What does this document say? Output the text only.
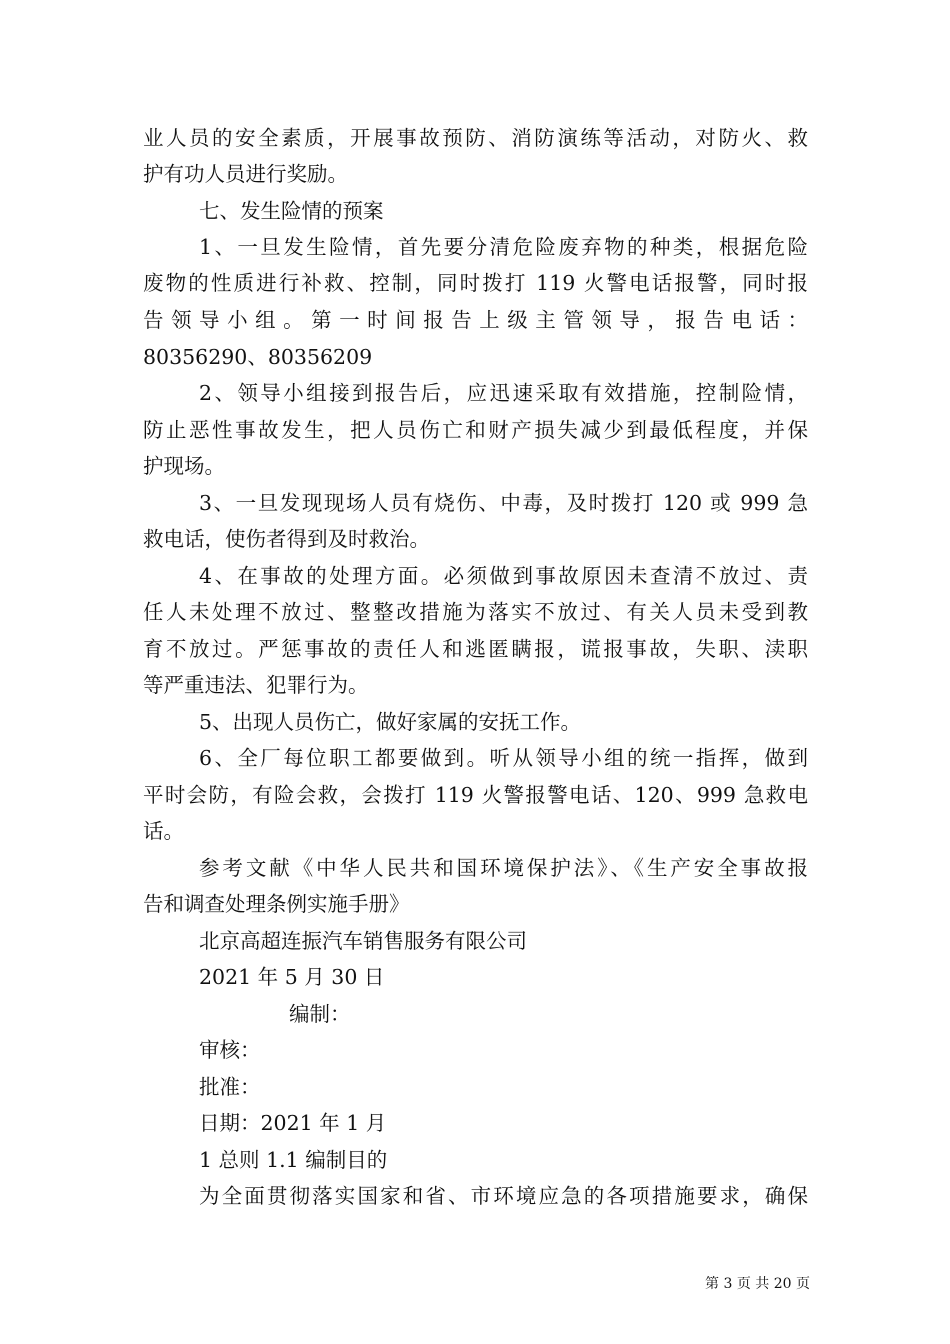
业人员的安全素质，开展事故预防、消防演练等活动，对防火、救
护有功人员进行奖励。
七、发生险情的预案
1、一旦发生险情，首先要分清危险废弃物的种类，根据危险
废物的性质进行补救、控制，同时拨打 119 火警电话报警，同时报
告 领 导 小 组 。 第 一 时 间 报 告 上 级 主 管 领 导 ， 报 告 电 话 ：
80356290、80356209
2、领导小组接到报告后，应迅速采取有效措施，控制险情，
防止恶性事故发生，把人员伤亡和财产损失减少到最低程度，并保
护现场。
3、一旦发现现场人员有烧伤、中毒，及时拨打 120 或 999 急
救电话，使伤者得到及时救治。
4、在事故的处理方面。必须做到事故原因未查清不放过、责
任人未处理不放过、整整改措施为落实不放过、有关人员未受到教
育不放过。严惩事故的责任人和逃匿瞒报，谎报事故，失职、渎职
等严重违法、犯罪行为。
5、出现人员伤亡，做好家属的安抚工作。
6、全厂每位职工都要做到。听从领导小组的统一指挥，做到
平时会防，有险会救，会拨打 119 火警报警电话、120、999 急救电
话。
参考文献《中华人民共和国环境保护法》、《生产安全事故报
告和调查处理条例实施手册》
北京高超连振汽车销售服务有限公司
2021 年 5 月 30 日
编制：
审核：
批准：
日期：2021 年 1 月
1 总则 1.1 编制目的
为全面贯彻落实国家和省、市环境应急的各项措施要求，确保
第 3 页 共 20 页
